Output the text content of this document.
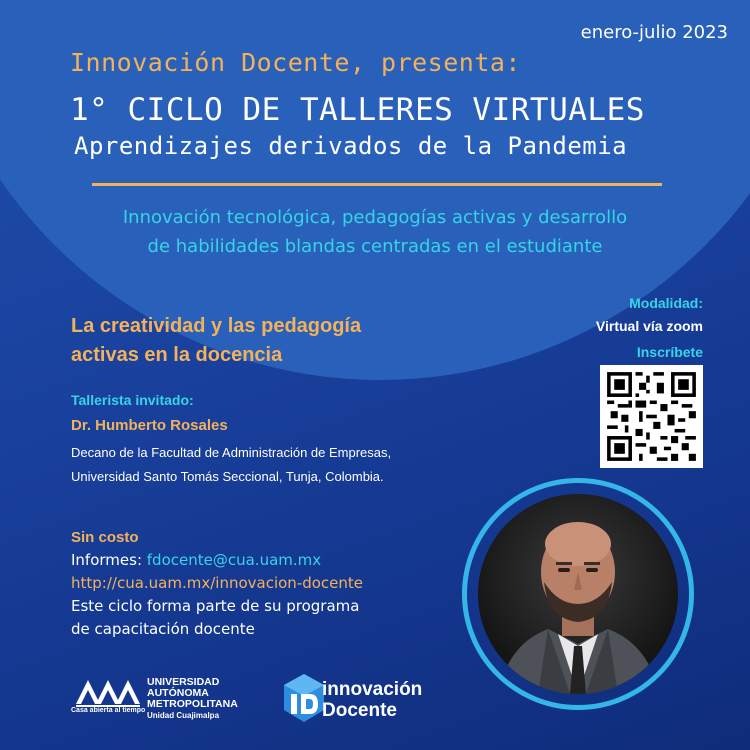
enero-julio 2023
Innovación Docente, presenta:
1° CICLO DE TALLERES VIRTUALES
Aprendizajes derivados de la Pandemia
Innovación tecnológica, pedagogías activas y desarrollo
de habilidades blandas centradas en el estudiante
La creatividad y las pedagogía
activas en la docencia
Tallerista invitado:
Dr. Humberto Rosales
Decano de la Facultad de Administración de Empresas,
Universidad Santo Tomás Seccional, Tunja, Colombia.
Modalidad:
Virtual vía zoom
Inscríbete
Sin costo
Informes: fdocente@cua.uam.mx
http://cua.uam.mx/innovacion-docente
Este ciclo forma parte de su programa
de capacitación docente
UNIVERSIDAD
AUTÓNOMA
METROPOLITANA
Unidad Cuajimalpa
Casa abierta al tiempo
innovación
Docente
